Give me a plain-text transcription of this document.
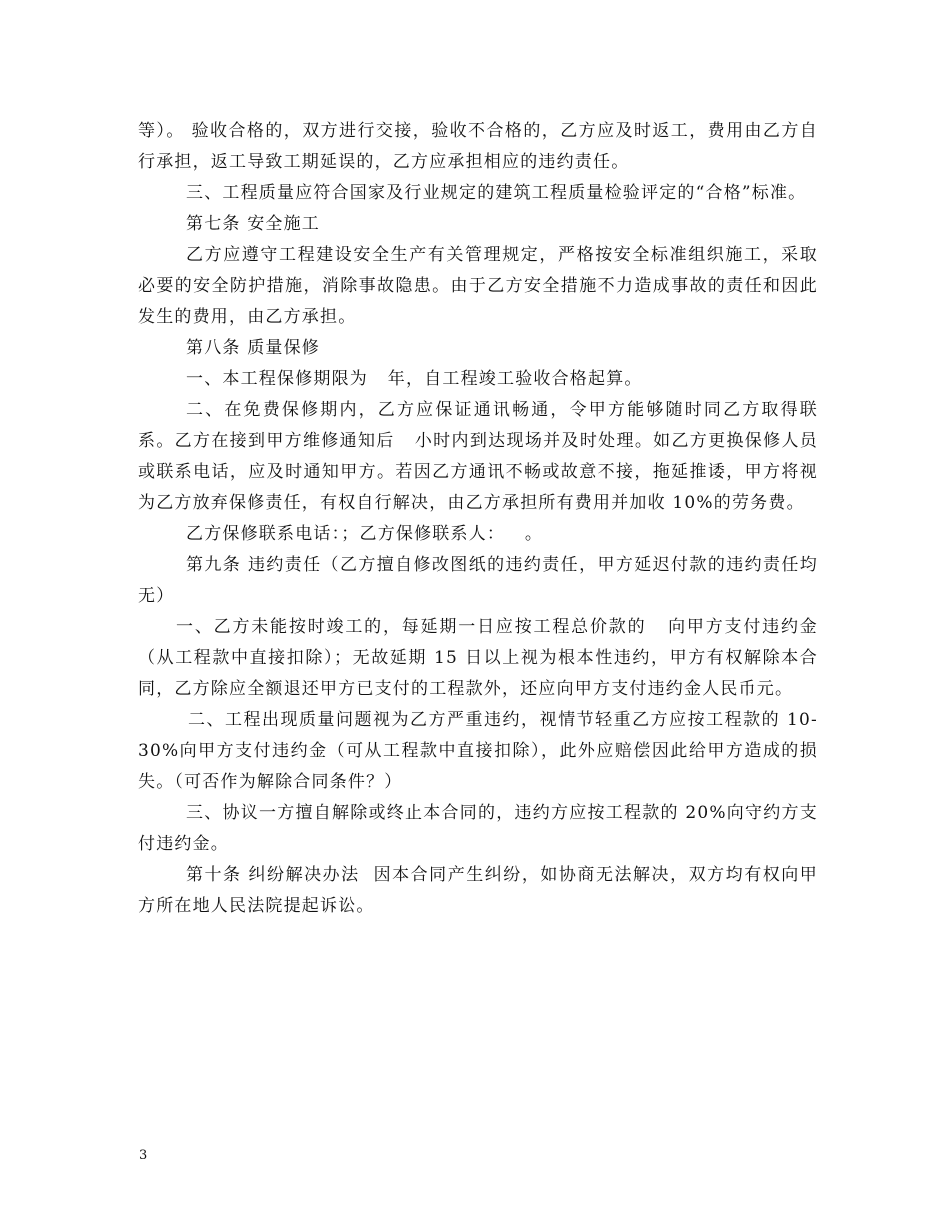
等）。 验收合格的，双方进行交接，验收不合格的，乙方应及时返工，费用由乙方自行承担，返工导致工期延误的，乙方应承担相应的违约责任。

三、工程质量应符合国家及行业规定的建筑工程质量检验评定的“合格”标准。

第七条 安全施工

乙方应遵守工程建设安全生产有关管理规定，严格按安全标准组织施工，采取必要的安全防护措施，消除事故隐患。由于乙方安全措施不力造成事故的责任和因此发生的费用，由乙方承担。

第八条 质量保修

一、本工程保修期限为   年，自工程竣工验收合格起算。

二、在免费保修期内，乙方应保证通讯畅通，令甲方能够随时同乙方取得联系。乙方在接到甲方维修通知后   小时内到达现场并及时处理。如乙方更换保修人员或联系电话，应及时通知甲方。若因乙方通讯不畅或故意不接，拖延推诿，甲方将视为乙方放弃保修责任，有权自行解决，由乙方承担所有费用并加收 10%的劳务费。

乙方保修联系电话：；乙方保修联系人：   。

第九条 违约责任（乙方擅自修改图纸的违约责任，甲方延迟付款的违约责任均无）

一、乙方未能按时竣工的，每延期一日应按工程总价款的   向甲方支付违约金（从工程款中直接扣除）；无故延期 15 日以上视为根本性违约，甲方有权解除本合同，乙方除应全额退还甲方已支付的工程款外，还应向甲方支付违约金人民币元。

二、工程出现质量问题视为乙方严重违约，视情节轻重乙方应按工程款的 10-30%向甲方支付违约金（可从工程款中直接扣除），此外应赔偿因此给甲方造成的损失。（可否作为解除合同条件？）

三、协议一方擅自解除或终止本合同的，违约方应按工程款的 20%向守约方支付违约金。

第十条 纠纷解决办法  因本合同产生纠纷，如协商无法解决，双方均有权向甲方所在地人民法院提起诉讼。

3
